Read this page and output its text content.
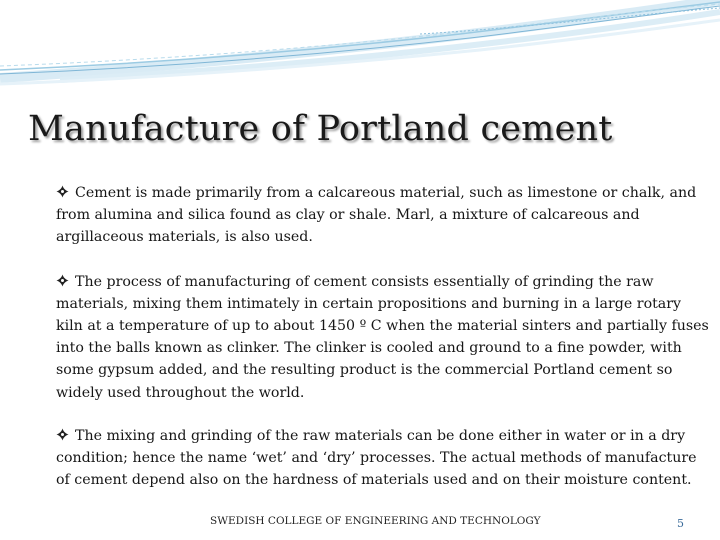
Manufacture of Portland cement

Cement is made primarily from a calcareous material, such as limestone or chalk, and from alumina and silica found as clay or shale. Marl, a mixture of calcareous and argillaceous materials, is also used.

The process of manufacturing of cement consists essentially of grinding the raw materials, mixing them intimately in certain propositions and burning in a large rotary kiln at a temperature of up to about 1450 º C when the material sinters and partially fuses into the balls known as clinker. The clinker is cooled and ground to a fine powder, with some gypsum added, and the resulting product is the commercial Portland cement so widely used throughout the world.

The mixing and grinding of the raw materials can be done either in water or in a dry condition; hence the name ‘wet’ and ‘dry’ processes. The actual methods of manufacture of cement depend also on the hardness of materials used and on their moisture content.

SWEDISH COLLEGE OF ENGINEERING AND TECHNOLOGY	5
